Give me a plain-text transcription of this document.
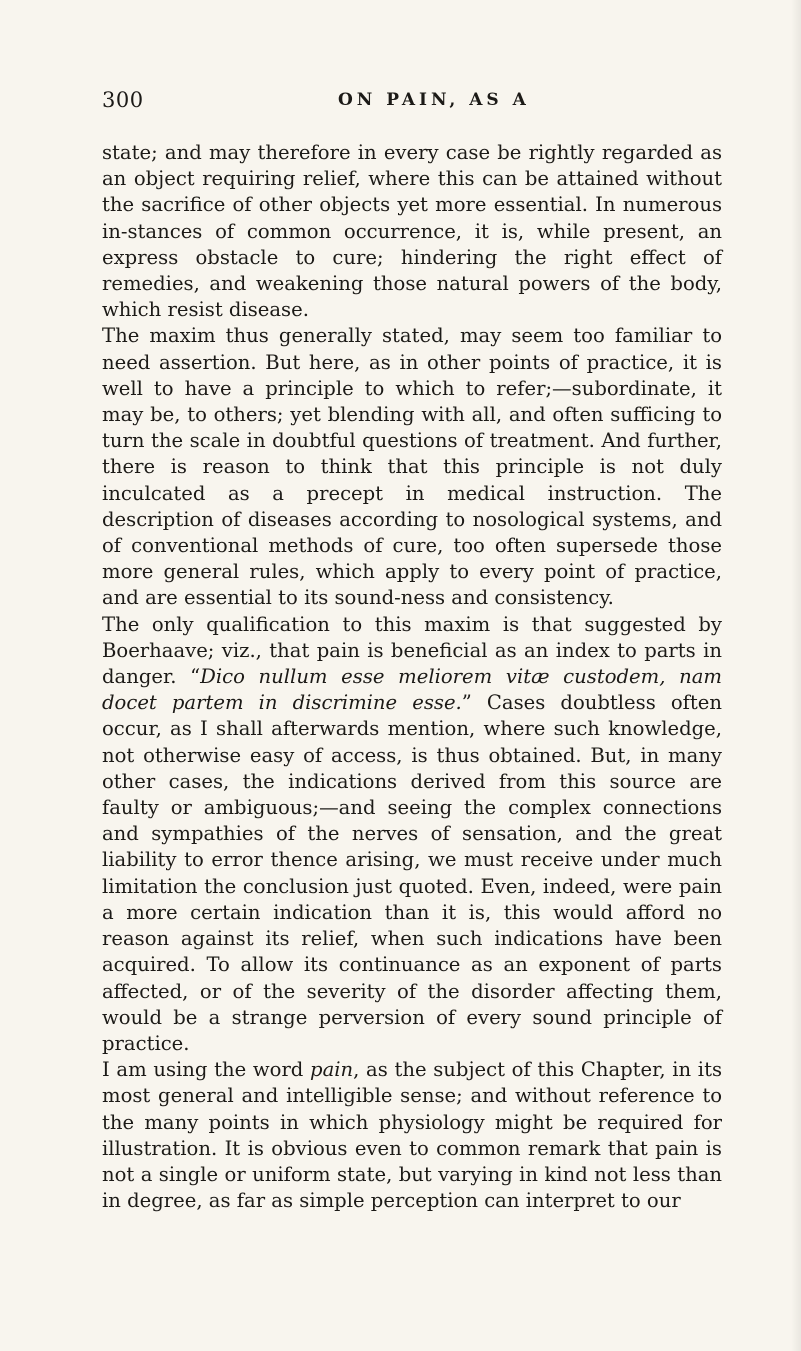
300	ON PAIN, AS A

state; and may therefore in every case be rightly regarded as an object requiring relief, where this can be attained without the sacrifice of other objects yet more essential. In numerous in-stances of common occurrence, it is, while present, an express obstacle to cure; hindering the right effect of remedies, and weakening those natural powers of the body, which resist disease.

The maxim thus generally stated, may seem too familiar to need assertion. But here, as in other points of practice, it is well to have a principle to which to refer;—subordinate, it may be, to others; yet blending with all, and often sufficing to turn the scale in doubtful questions of treatment. And further, there is reason to think that this principle is not duly inculcated as a precept in medical instruction. The description of diseases according to nosological systems, and of conventional methods of cure, too often supersede those more general rules, which apply to every point of practice, and are essential to its sound-ness and consistency.

The only qualification to this maxim is that suggested by Boerhaave; viz., that pain is beneficial as an index to parts in danger. “Dico nullum esse meliorem vitæ custodem, nam docet partem in discrimine esse.” Cases doubtless often occur, as I shall afterwards mention, where such knowledge, not otherwise easy of access, is thus obtained. But, in many other cases, the indications derived from this source are faulty or ambiguous;—and seeing the complex connections and sympathies of the nerves of sensation, and the great liability to error thence arising, we must receive under much limitation the conclusion just quoted. Even, indeed, were pain a more certain indication than it is, this would afford no reason against its relief, when such indications have been acquired. To allow its continuance as an exponent of parts affected, or of the severity of the disorder affecting them, would be a strange perversion of every sound principle of practice.

I am using the word pain, as the subject of this Chapter, in its most general and intelligible sense; and without reference to the many points in which physiology might be required for illustration. It is obvious even to common remark that pain is not a single or uniform state, but varying in kind not less than in degree, as far as simple perception can interpret to our
